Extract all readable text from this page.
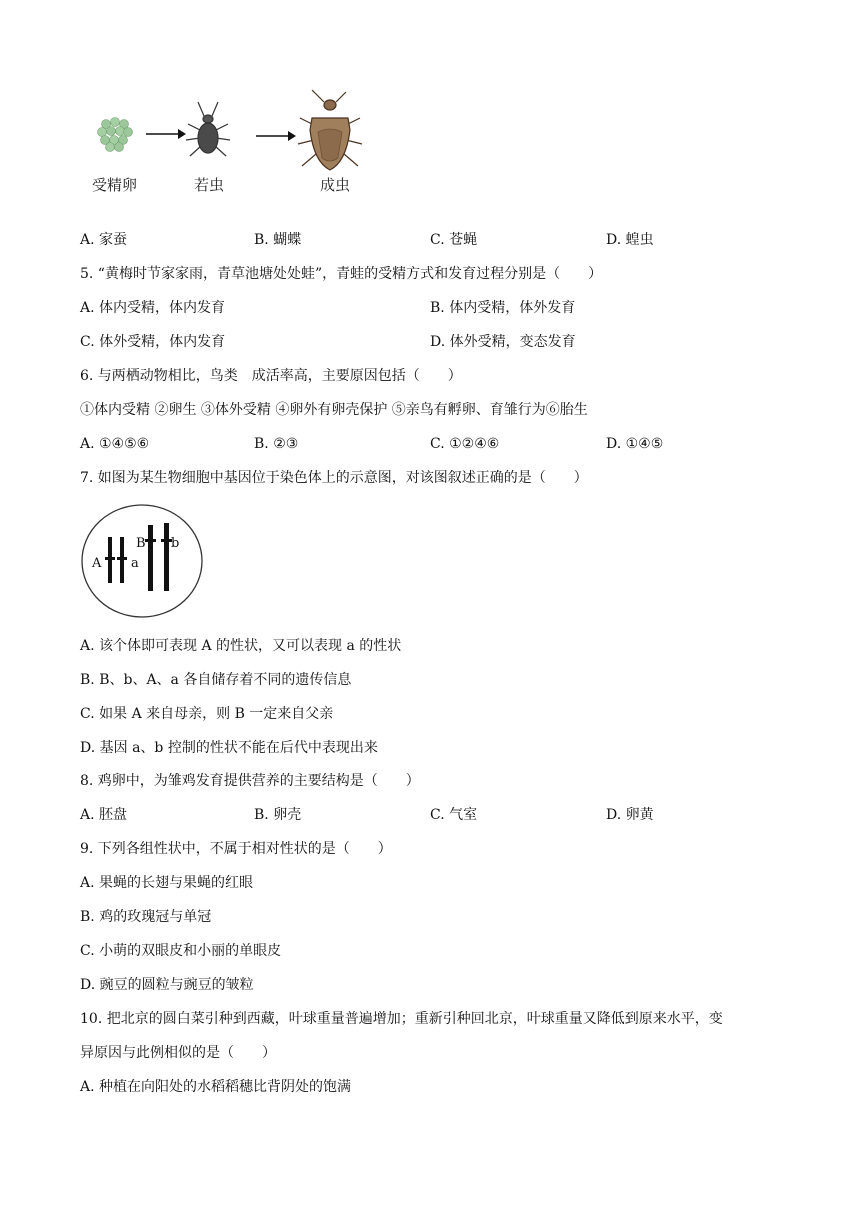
受精卵	若虫	成虫
A. 家蚕	B. 蝴蝶	C. 苍蝇	D. 蝗虫
5. “黄梅时节家家雨，青草池塘处处蛙”，青蛙的受精方式和发育过程分别是（　　）
A. 体内受精，体内发育	B. 体内受精，体外发育
C. 体外受精，体内发育	D. 体外受精，变态发育
6. 与两栖动物相比，鸟类　成活率高，主要原因包括（　　）
①体内受精 ②卵生 ③体外受精 ④卵外有卵壳保护 ⑤亲鸟有孵卵、育雏行为⑥胎生
A. ①④⑤⑥	B. ②③	C. ①②④⑥	D. ①④⑤
7. 如图为某生物细胞中基因位于染色体上的示意图，对该图叙述正确的是（　　）
A a
B b
A. 该个体即可表现 A 的性状，又可以表现 a 的性状
B. B、b、A、a 各自储存着不同的遗传信息
C. 如果 A 来自母亲，则 B 一定来自父亲
D. 基因 a、b 控制的性状不能在后代中表现出来
8. 鸡卵中，为雏鸡发育提供营养的主要结构是（　　）
A. 胚盘	B. 卵壳	C. 气室	D. 卵黄
9. 下列各组性状中，不属于相对性状的是（　　）
A. 果蝇的长翅与果蝇的红眼
B. 鸡的玫瑰冠与单冠
C. 小萌的双眼皮和小丽的单眼皮
D. 豌豆的圆粒与豌豆的皱粒
10. 把北京的圆白菜引种到西藏，叶球重量普遍增加；重新引种回北京，叶球重量又降低到原来水平，变
异原因与此例相似的是（　　）
A. 种植在向阳处的水稻稻穗比背阴处的饱满
